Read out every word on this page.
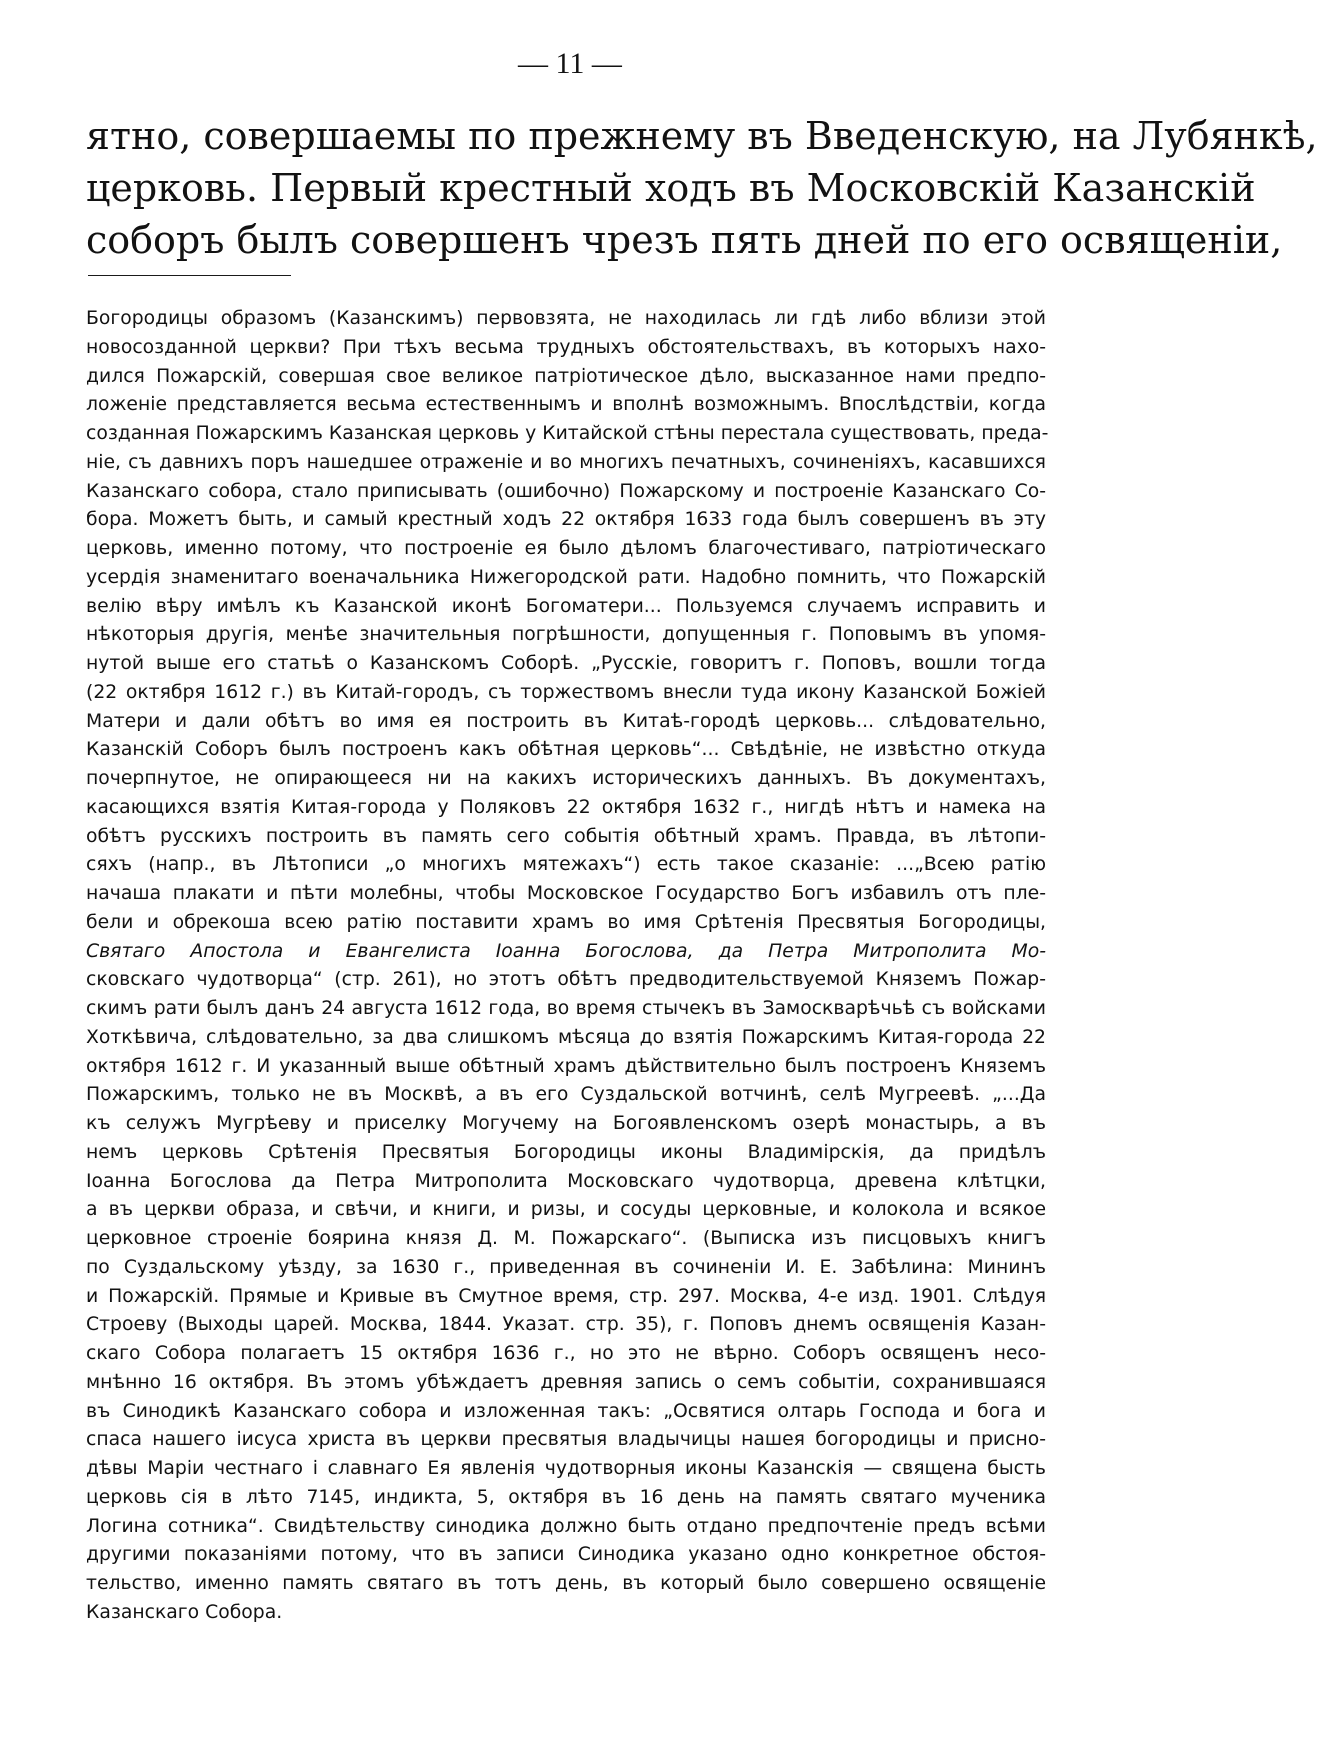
— 11 —
ятно, совершаемы по прежнему въ Введенскую, на Лубянкѣ,
церковь. Первый крестный ходъ въ Московскій Казанскій
соборъ былъ совершенъ чрезъ пять дней по его освященіи,
Богородицы образомъ (Казанскимъ) первовзята, не находилась ли гдѣ либо вблизи этой
новосозданной церкви? При тѣхъ весьма трудныхъ обстоятельствахъ, въ которыхъ нахо-
дился Пожарскій, совершая свое великое патріотическое дѣло, высказанное нами предпо-
ложеніе представляется весьма естественнымъ и вполнѣ возможнымъ. Впослѣдствіи, когда
созданная Пожарскимъ Казанская церковь у Китайской стѣны перестала существовать, преда-
ніе, съ давнихъ поръ нашедшее отраженіе и во многихъ печатныхъ, сочиненіяхъ, касавшихся
Казанскаго собора, стало приписывать (ошибочно) Пожарскому и построеніе Казанскаго Со-
бора. Можетъ быть, и самый крестный ходъ 22 октября 1633 года былъ совершенъ въ эту
церковь, именно потому, что построеніе ея было дѣломъ благочестиваго, патріотическаго
усердія знаменитаго военачальника Нижегородской рати. Надобно помнить, что Пожарскій
велію вѣру имѣлъ къ Казанской иконѣ Богоматери... Пользуемся случаемъ исправить и
нѣкоторыя другія, менѣе значительныя погрѣшности, допущенныя г. Поповымъ въ упомя-
нутой выше его статьѣ о Казанскомъ Соборѣ. „Русскіе, говоритъ г. Поповъ, вошли тогда
(22 октября 1612 г.) въ Китай-городъ, съ торжествомъ внесли туда икону Казанской Божіей
Матери и дали обѣтъ во имя ея построить въ Китаѣ-городѣ церковь... слѣдовательно,
Казанскій Соборъ былъ построенъ какъ обѣтная церковь“... Свѣдѣніе, не извѣстно откуда
почерпнутое, не опирающееся ни на какихъ историческихъ данныхъ. Въ документахъ,
касающихся взятія Китая-города у Поляковъ 22 октября 1632 г., нигдѣ нѣтъ и намека на
обѣтъ русскихъ построить въ память сего событія обѣтный храмъ. Правда, въ лѣтопи-
сяхъ (напр., въ Лѣтописи „о многихъ мятежахъ“) есть такое сказаніе: ...„Всею ратію
начаша плакати и пѣти молебны, чтобы Московское Государство Богъ избавилъ отъ пле-
бели и обрекоша всею ратію поставити храмъ во имя Срѣтенія Пресвятыя Богородицы,
Святаго Апостола и Евангелиста Іоанна Богослова, да Петра Митрополита Мо-
сковскаго чудотворца“ (стр. 261), но этотъ обѣтъ предводительствуемой Княземъ Пожар-
скимъ рати былъ данъ 24 августа 1612 года, во время стычекъ въ Замоскварѣчьѣ съ войсками
Хоткѣвича, слѣдовательно, за два слишкомъ мѣсяца до взятія Пожарскимъ Китая-города 22
октября 1612 г. И указанный выше обѣтный храмъ дѣйствительно былъ построенъ Княземъ
Пожарскимъ, только не въ Москвѣ, а въ его Суздальской вотчинѣ, селѣ Мугреевѣ. „...Да
къ селужъ Мугрѣеву и приселку Могучему на Богоявленскомъ озерѣ монастырь, а въ
немъ церковь Срѣтенія Пресвятыя Богородицы иконы Владимірскія, да придѣлъ
Іоанна Богослова да Петра Митрополита Московскаго чудотворца, древена клѣтцки,
а въ церкви образа, и свѣчи, и книги, и ризы, и сосуды церковные, и колокола и всякое
церковное строеніе боярина князя Д. М. Пожарскаго“. (Выписка изъ писцовыхъ книгъ
по Суздальскому уѣзду, за 1630 г., приведенная въ сочиненіи И. Е. Забѣлина: Мининъ
и Пожарскій. Прямые и Кривые въ Смутное время, стр. 297. Москва, 4-е изд. 1901. Слѣдуя
Строеву (Выходы царей. Москва, 1844. Указат. стр. 35), г. Поповъ днемъ освященія Казан-
скаго Собора полагаетъ 15 октября 1636 г., но это не вѣрно. Соборъ освященъ несо-
мнѣнно 16 октября. Въ этомъ убѣждаетъ древняя запись о семъ событіи, сохранившаяся
въ Синодикѣ Казанскаго собора и изложенная такъ: „Освятися олтарь Господа и бога и
спаса нашего іисуса христа въ церкви пресвятыя владычицы нашея богородицы и присно-
дѣвы Маріи честнаго і славнаго Ея явленія чудотворныя иконы Казанскія — священа бысть
церковь сія в лѣто 7145, индикта, 5, октября въ 16 день на память святаго мученика
Логина сотника“. Свидѣтельству синодика должно быть отдано предпочтеніе предъ всѣми
другими показаніями потому, что въ записи Синодика указано одно конкретное обстоя-
тельство, именно память святаго въ тотъ день, въ который было совершено освященіе
Казанскаго Собора.
